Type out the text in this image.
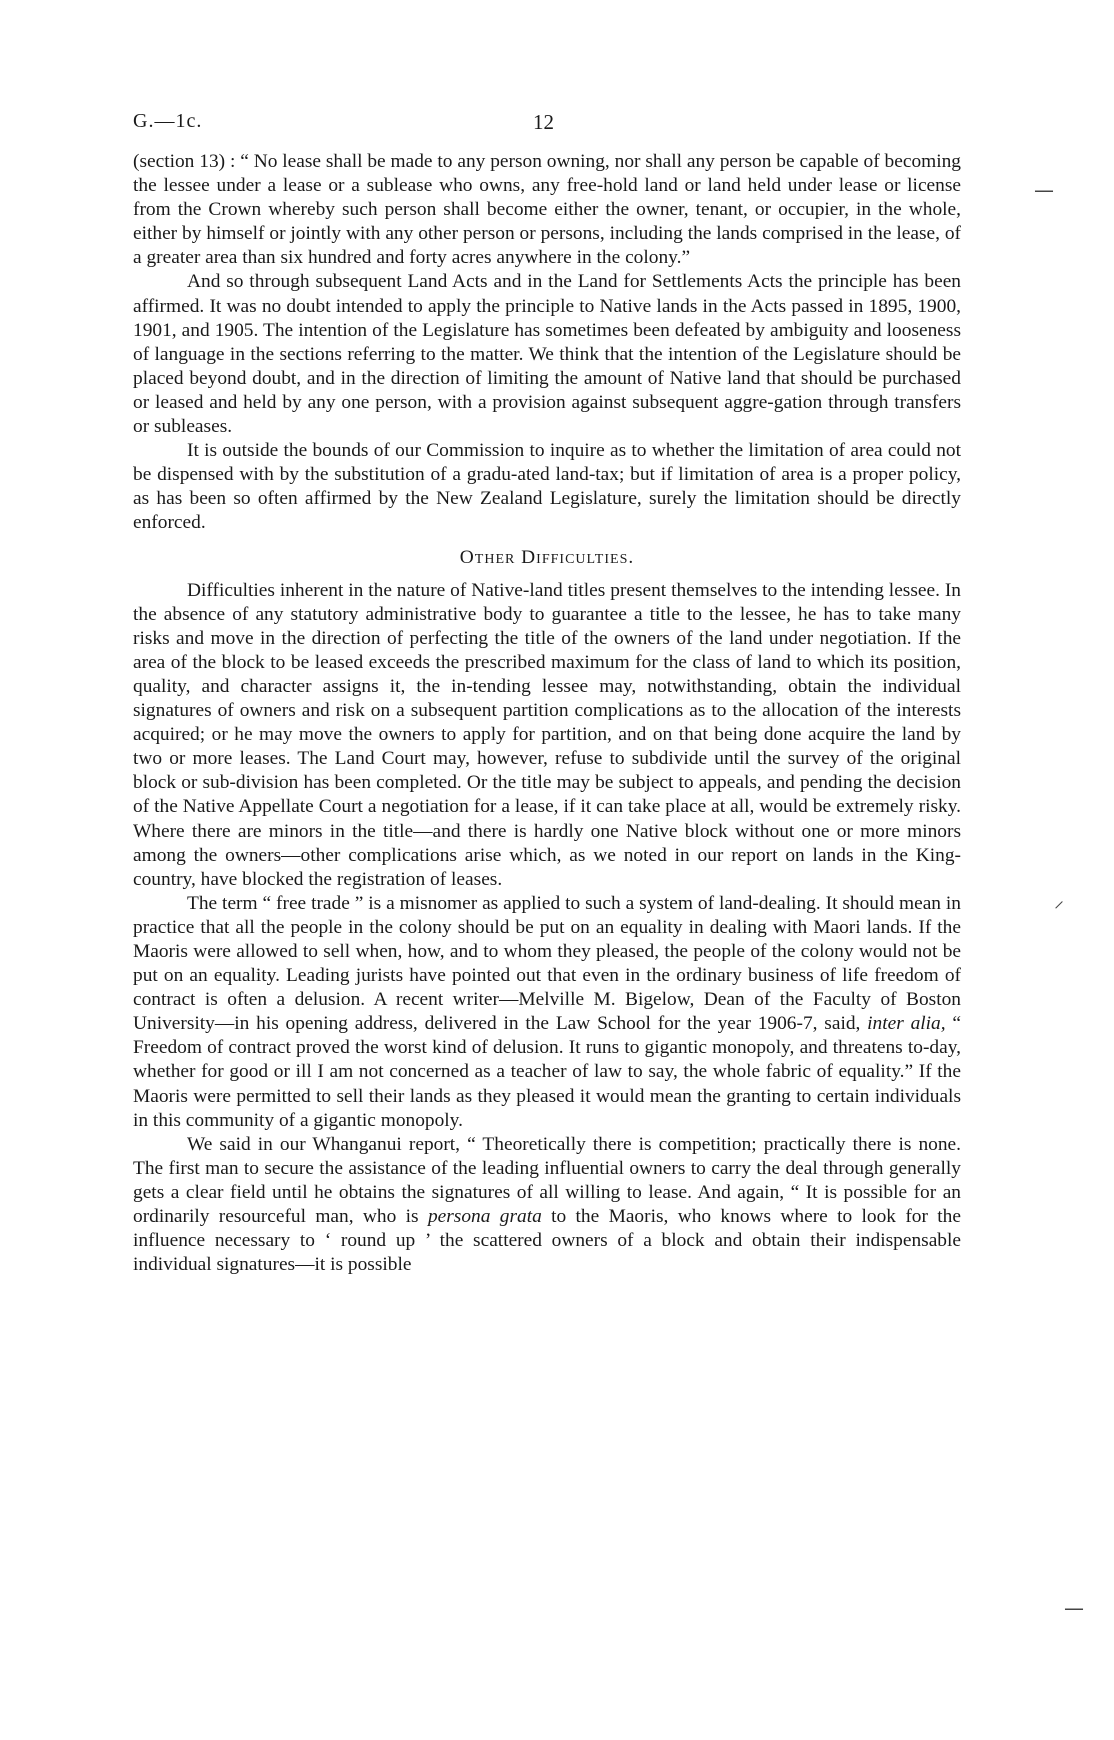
G.—1c.	12

(section 13) : “ No lease shall be made to any person owning, nor shall any person be capable of becoming the lessee under a lease or a sublease who owns, any free-hold land or land held under lease or license from the Crown whereby such person shall become either the owner, tenant, or occupier, in the whole, either by himself or jointly with any other person or persons, including the lands comprised in the lease, of a greater area than six hundred and forty acres anywhere in the colony.”

And so through subsequent Land Acts and in the Land for Settlements Acts the principle has been affirmed. It was no doubt intended to apply the principle to Native lands in the Acts passed in 1895, 1900, 1901, and 1905. The intention of the Legislature has sometimes been defeated by ambiguity and looseness of language in the sections referring to the matter. We think that the intention of the Legislature should be placed beyond doubt, and in the direction of limiting the amount of Native land that should be purchased or leased and held by any one person, with a provision against subsequent aggre-gation through transfers or subleases.

It is outside the bounds of our Commission to inquire as to whether the limitation of area could not be dispensed with by the substitution of a gradu-ated land-tax; but if limitation of area is a proper policy, as has been so often affirmed by the New Zealand Legislature, surely the limitation should be directly enforced.

Other Difficulties.

Difficulties inherent in the nature of Native-land titles present themselves to the intending lessee. In the absence of any statutory administrative body to guarantee a title to the lessee, he has to take many risks and move in the direction of perfecting the title of the owners of the land under negotiation. If the area of the block to be leased exceeds the prescribed maximum for the class of land to which its position, quality, and character assigns it, the in-tending lessee may, notwithstanding, obtain the individual signatures of owners and risk on a subsequent partition complications as to the allocation of the interests acquired; or he may move the owners to apply for partition, and on that being done acquire the land by two or more leases. The Land Court may, however, refuse to subdivide until the survey of the original block or sub-division has been completed. Or the title may be subject to appeals, and pending the decision of the Native Appellate Court a negotiation for a lease, if it can take place at all, would be extremely risky. Where there are minors in the title—and there is hardly one Native block without one or more minors among the owners—other complications arise which, as we noted in our report on lands in the King-country, have blocked the registration of leases.

The term “ free trade ” is a misnomer as applied to such a system of land-dealing. It should mean in practice that all the people in the colony should be put on an equality in dealing with Maori lands. If the Maoris were allowed to sell when, how, and to whom they pleased, the people of the colony would not be put on an equality. Leading jurists have pointed out that even in the ordinary business of life freedom of contract is often a delusion. A recent writer—Melville M. Bigelow, Dean of the Faculty of Boston University—in his opening address, delivered in the Law School for the year 1906-7, said, inter alia, “ Freedom of contract proved the worst kind of delusion. It runs to gigantic monopoly, and threatens to-day, whether for good or ill I am not concerned as a teacher of law to say, the whole fabric of equality.” If the Maoris were permitted to sell their lands as they pleased it would mean the granting to certain individuals in this community of a gigantic monopoly.

We said in our Whanganui report, “ Theoretically there is competition; practically there is none. The first man to secure the assistance of the leading influential owners to carry the deal through generally gets a clear field until he obtains the signatures of all willing to lease. And again, “ It is possible for an ordinarily resourceful man, who is persona grata to the Maoris, who knows where to look for the influence necessary to ‘ round up ’ the scattered owners of a block and obtain their indispensable individual signatures—it is possible

—
⸝
—
